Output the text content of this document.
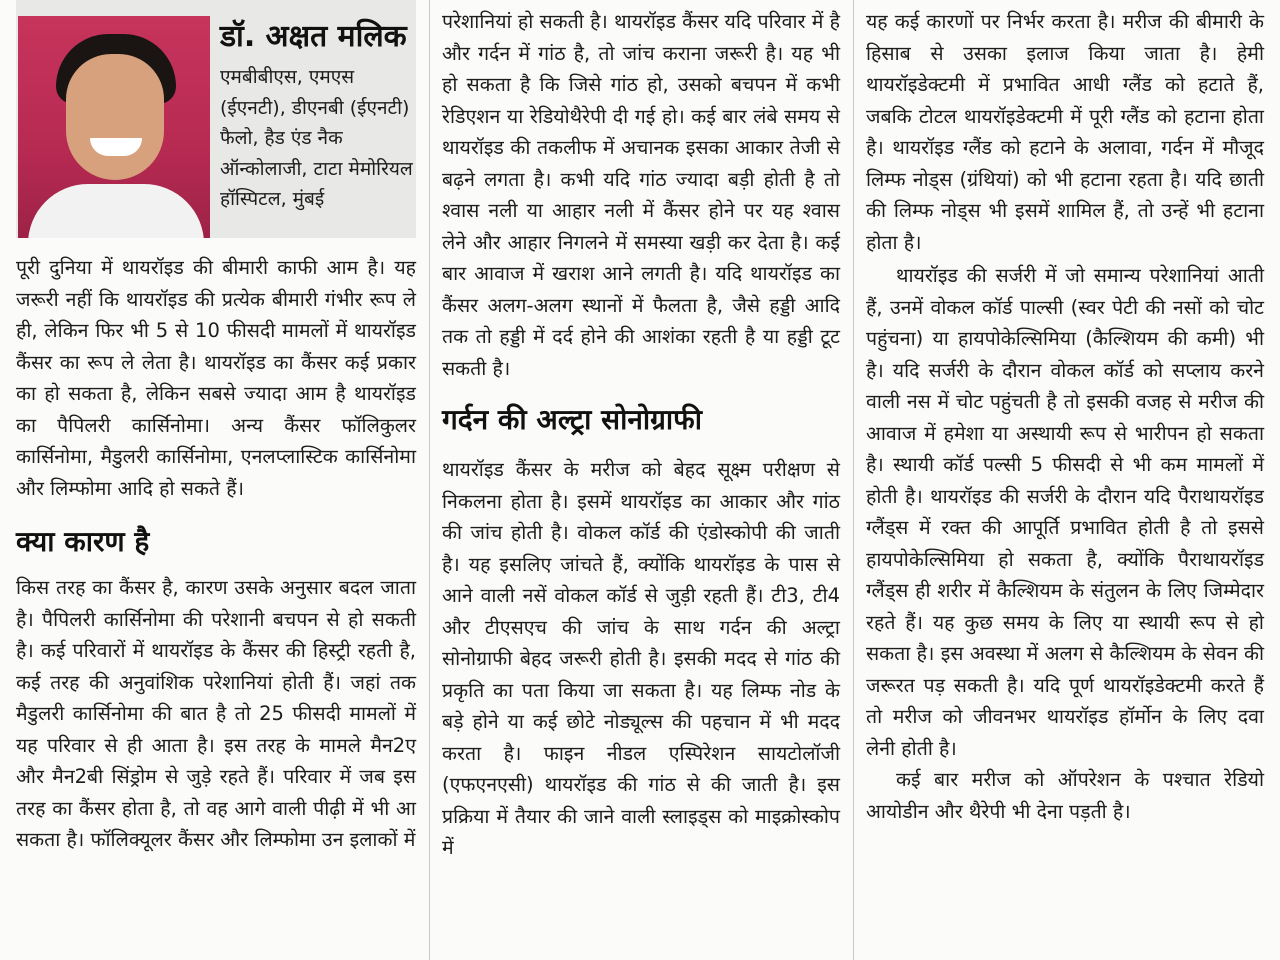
डॉ. अक्षत मलिक

एमबीबीएस, एमएस (ईएनटी), डीएनबी (ईएनटी) फैलो, हैड एंड नैक ऑन्कोलाजी, टाटा मेमोरियल हॉस्पिटल, मुंबई

पूरी दुनिया में थायरॉइड की बीमारी काफी आम है। यह जरूरी नहीं कि थायरॉइड की प्रत्येक बीमारी गंभीर रूप ले ही, लेकिन फिर भी 5 से 10 फीसदी मामलों में थायरॉइड कैंसर का रूप ले लेता है। थायरॉइड का कैंसर कई प्रकार का हो सकता है, लेकिन सबसे ज्यादा आम है थायरॉइड का पैपिलरी कार्सिनोमा। अन्य कैंसर फॉलिकुलर कार्सिनोमा, मैडुलरी कार्सिनोमा, एनलप्लास्टिक कार्सिनोमा और लिम्फोमा आदि हो सकते हैं।

क्या कारण है

किस तरह का कैंसर है, कारण उसके अनुसार बदल जाता है। पैपिलरी कार्सिनोमा की परेशानी बचपन से हो सकती है। कई परिवारों में थायरॉइड के कैंसर की हिस्ट्री रहती है, कई तरह की अनुवांशिक परेशानियां होती हैं। जहां तक मैडुलरी कार्सिनोमा की बात है तो 25 फीसदी मामलों में यह परिवार से ही आता है। इस तरह के मामले मैन2ए और मैन2बी सिंड्रोम से जुड़े रहते हैं। परिवार में जब इस तरह का कैंसर होता है, तो वह आगे वाली पीढ़ी में भी आ सकता है। फॉलिक्यूलर कैंसर और लिम्फोमा उन इलाकों में

परेशानियां हो सकती है। थायरॉइड कैंसर यदि परिवार में है और गर्दन में गांठ है, तो जांच कराना जरूरी है। यह भी हो सकता है कि जिसे गांठ हो, उसको बचपन में कभी रेडिएशन या रेडियोथैरेपी दी गई हो। कई बार लंबे समय से थायरॉइड की तकलीफ में अचानक इसका आकार तेजी से बढ़ने लगता है। कभी यदि गांठ ज्यादा बड़ी होती है तो श्वास नली या आहार नली में कैंसर होने पर यह श्वास लेने और आहार निगलने में समस्या खड़ी कर देता है। कई बार आवाज में खराश आने लगती है। यदि थायरॉइड का कैंसर अलग-अलग स्थानों में फैलता है, जैसे हड्डी आदि तक तो हड्डी में दर्द होने की आशंका रहती है या हड्डी टूट सकती है।

गर्दन की अल्ट्रा सोनोग्राफी

थायरॉइड कैंसर के मरीज को बेहद सूक्ष्म परीक्षण से निकलना होता है। इसमें थायरॉइड का आकार और गांठ की जांच होती है। वोकल कॉर्ड की एंडोस्कोपी की जाती है। यह इसलिए जांचते हैं, क्योंकि थायरॉइड के पास से आने वाली नसें वोकल कॉर्ड से जुड़ी रहती हैं। टी3, टी4 और टीएसएच की जांच के साथ गर्दन की अल्ट्रा सोनोग्राफी बेहद जरूरी होती है। इसकी मदद से गांठ की प्रकृति का पता किया जा सकता है। यह लिम्फ नोड के बड़े होने या कई छोटे नोड्यूल्स की पहचान में भी मदद करता है। फाइन नीडल एस्पिरेशन सायटोलॉजी (एफएनएसी) थायरॉइड की गांठ से की जाती है। इस प्रक्रिया में तैयार की जाने वाली स्लाइड्स को माइक्रोस्कोप में

यह कई कारणों पर निर्भर करता है। मरीज की बीमारी के हिसाब से उसका इलाज किया जाता है। हेमी थायरॉइडेक्टमी में प्रभावित आधी ग्लैंड को हटाते हैं, जबकि टोटल थायरॉइडेक्टमी में पूरी ग्लैंड को हटाना होता है। थायरॉइड ग्लैंड को हटाने के अलावा, गर्दन में मौजूद लिम्फ नोड्स (ग्रंथियां) को भी हटाना रहता है। यदि छाती की लिम्फ नोड्स भी इसमें शामिल हैं, तो उन्हें भी हटाना होता है।

थायरॉइड की सर्जरी में जो समान्य परेशानियां आती हैं, उनमें वोकल कॉर्ड पाल्सी (स्वर पेटी की नसों को चोट पहुंचना) या हायपोकेल्सिमिया (कैल्शियम की कमी) भी है। यदि सर्जरी के दौरान वोकल कॉर्ड को सप्लाय करने वाली नस में चोट पहुंचती है तो इसकी वजह से मरीज की आवाज में हमेशा या अस्थायी रूप से भारीपन हो सकता है। स्थायी कॉर्ड पल्सी 5 फीसदी से भी कम मामलों में होती है। थायरॉइड की सर्जरी के दौरान यदि पैराथायरॉइड ग्लैंड्स में रक्त की आपूर्ति प्रभावित होती है तो इससे हायपोकेल्सिमिया हो सकता है, क्योंकि पैराथायरॉइड ग्लैंड्स ही शरीर में कैल्शियम के संतुलन के लिए जिम्मेदार रहते हैं। यह कुछ समय के लिए या स्थायी रूप से हो सकता है। इस अवस्था में अलग से कैल्शियम के सेवन की जरूरत पड़ सकती है। यदि पूर्ण थायरॉइडेक्टमी करते हैं तो मरीज को जीवनभर थायरॉइड हॉर्मोन के लिए दवा लेनी होती है।

कई बार मरीज को ऑपरेशन के पश्चात रेडियो आयोडीन और थैरेपी भी देना पड़ती है।
